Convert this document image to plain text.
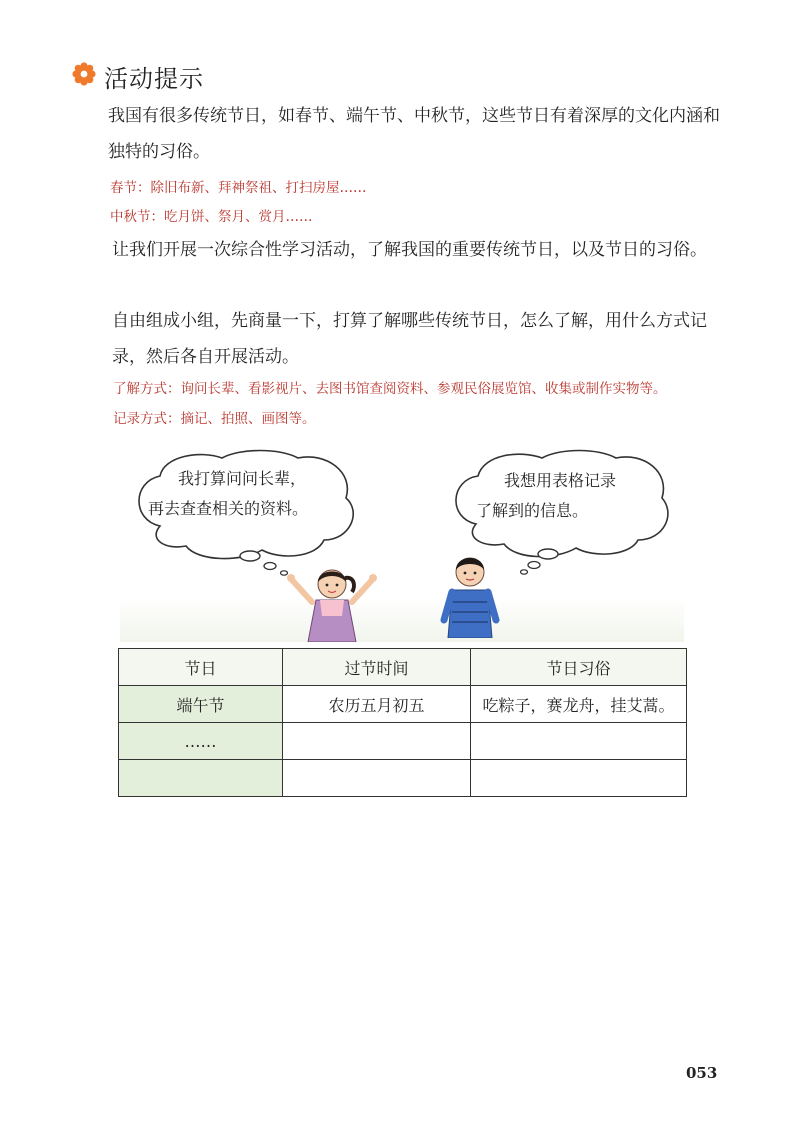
活动提示

我国有很多传统节日，如春节、端午节、中秋节，这些节日有着深厚的文化内涵和独特的习俗。

春节：除旧布新、拜神祭祖、打扫房屋……
中秋节：吃月饼、祭月、赏月……

让我们开展一次综合性学习活动，了解我国的重要传统节日，以及节日的习俗。

自由组成小组，先商量一下，打算了解哪些传统节日，怎么了解，用什么方式记录，然后各自开展活动。

了解方式：询问长辈、看影视片、去图书馆查阅资料、参观民俗展览馆、收集或制作实物等。
记录方式：摘记、拍照、画图等。
我打算问问长辈，
再去查查相关的资料。
我想用表格记录
了解到的信息。
节日	过节时间	节日习俗
端午节	农历五月初五	吃粽子，赛龙舟，挂艾蒿。
……		

053
